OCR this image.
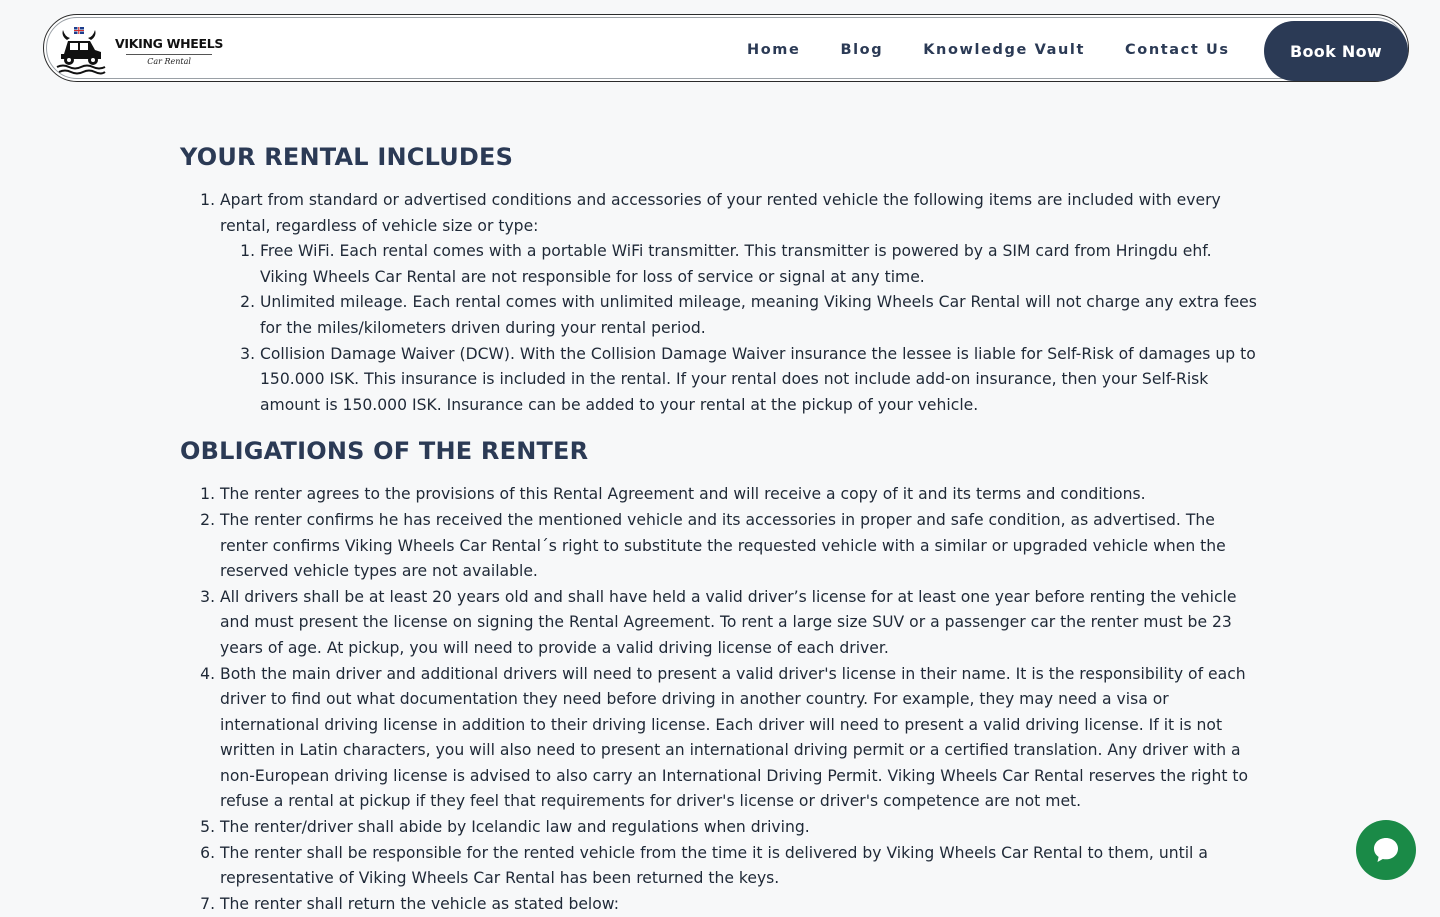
VIKING WHEELS
Car Rental
Home	Blog	Knowledge Vault	Contact Us	Book Now
YOUR RENTAL INCLUDES
1. Apart from standard or advertised conditions and accessories of your rented vehicle the following items are included with every rental, regardless of vehicle size or type:
1. Free WiFi. Each rental comes with a portable WiFi transmitter. This transmitter is powered by a SIM card from Hringdu ehf. Viking Wheels Car Rental are not responsible for loss of service or signal at any time.
2. Unlimited mileage. Each rental comes with unlimited mileage, meaning Viking Wheels Car Rental will not charge any extra fees for the miles/kilometers driven during your rental period.
3. Collision Damage Waiver (DCW). With the Collision Damage Waiver insurance the lessee is liable for Self-Risk of damages up to 150.000 ISK. This insurance is included in the rental. If your rental does not include add-on insurance, then your Self-Risk amount is 150.000 ISK. Insurance can be added to your rental at the pickup of your vehicle.
OBLIGATIONS OF THE RENTER
1. The renter agrees to the provisions of this Rental Agreement and will receive a copy of it and its terms and conditions.
2. The renter confirms he has received the mentioned vehicle and its accessories in proper and safe condition, as advertised. The renter confirms Viking Wheels Car Rental´s right to substitute the requested vehicle with a similar or upgraded vehicle when the reserved vehicle types are not available.
3. All drivers shall be at least 20 years old and shall have held a valid driver’s license for at least one year before renting the vehicle and must present the license on signing the Rental Agreement. To rent a large size SUV or a passenger car the renter must be 23 years of age. At pickup, you will need to provide a valid driving license of each driver.
4. Both the main driver and additional drivers will need to present a valid driver's license in their name. It is the responsibility of each driver to find out what documentation they need before driving in another country. For example, they may need a visa or international driving license in addition to their driving license. Each driver will need to present a valid driving license. If it is not written in Latin characters, you will also need to present an international driving permit or a certified translation. Any driver with a non-European driving license is advised to also carry an International Driving Permit. Viking Wheels Car Rental reserves the right to refuse a rental at pickup if they feel that requirements for driver's license or driver's competence are not met.
5. The renter/driver shall abide by Icelandic law and regulations when driving.
6. The renter shall be responsible for the rented vehicle from the time it is delivered by Viking Wheels Car Rental to them, until a representative of Viking Wheels Car Rental has been returned the keys.
7. The renter shall return the vehicle as stated below:
